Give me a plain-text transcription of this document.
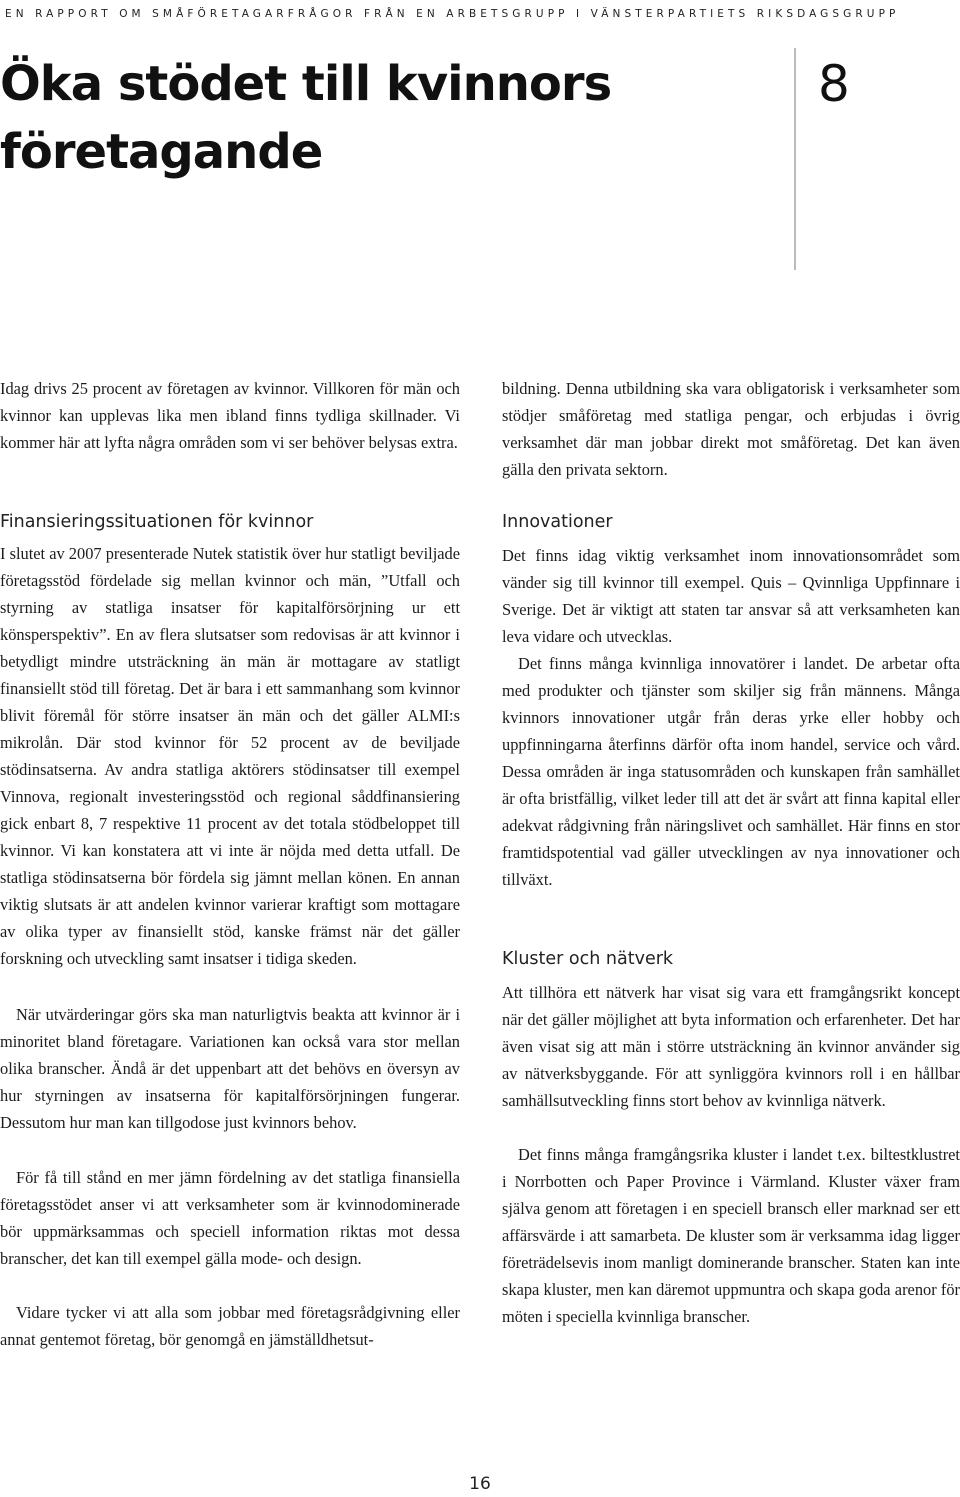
EN RAPPORT OM SMÅFÖRETAGARFRÅGOR FRÅN EN ARBETSGRUPP I VÄNSTERPARTIETS RIKSDAGSGRUPP
Öka stödet till kvinnors
företagande
8

Idag drivs 25 procent av företagen av kvinnor. Villkoren för män och kvinnor kan upplevas lika men ibland finns tydliga skillnader. Vi kommer här att lyfta några områden som vi ser behöver belysas extra.

Finansieringssituationen för kvinnor

I slutet av 2007 presenterade Nutek statistik över hur statligt beviljade företagsstöd fördelade sig mellan kvinnor och män, ”Utfall och styrning av statliga insatser för kapitalförsörjning ur ett könsperspektiv”. En av flera slutsatser som redovisas är att kvinnor i betydligt mindre utsträckning än män är mottagare av statligt finansiellt stöd till företag. Det är bara i ett sammanhang som kvinnor blivit föremål för större insatser än män och det gäller ALMI:s mikrolån. Där stod kvinnor för 52 procent av de beviljade stödinsatserna. Av andra statliga aktörers stödinsatser till exempel Vinnova, regionalt investeringsstöd och regional såddfinansiering gick enbart 8, 7 respektive 11 procent av det totala stödbeloppet till kvinnor. Vi kan konstatera att vi inte är nöjda med detta utfall. De statliga stödinsatserna bör fördela sig jämnt mellan könen. En annan viktig slutsats är att andelen kvinnor varierar kraftigt som mottagare av olika typer av finansiellt stöd, kanske främst när det gäller forskning och utveckling samt insatser i tidiga skeden.

När utvärderingar görs ska man naturligtvis beakta att kvinnor är i minoritet bland företagare. Variationen kan också vara stor mellan olika branscher. Ändå är det uppenbart att det behövs en översyn av hur styrningen av insatserna för kapitalförsörjningen fungerar. Dessutom hur man kan tillgodose just kvinnors behov.

För få till stånd en mer jämn fördelning av det statliga finansiella företagsstödet anser vi att verksamheter som är kvinnodominerade bör uppmärksammas och speciell information riktas mot dessa branscher, det kan till exempel gälla mode- och design.

Vidare tycker vi att alla som jobbar med företagsrådgivning eller annat gentemot företag, bör genomgå en jämställdhetsut-

bildning. Denna utbildning ska vara obligatorisk i verksamheter som stödjer småföretag med statliga pengar, och erbjudas i övrig verksamhet där man jobbar direkt mot småföretag. Det kan även gälla den privata sektorn.

Innovationer

Det finns idag viktig verksamhet inom innovationsområdet som vänder sig till kvinnor till exempel. Quis – Qvinnliga Uppfinnare i Sverige. Det är viktigt att staten tar ansvar så att verksamheten kan leva vidare och utvecklas.

Det finns många kvinnliga innovatörer i landet. De arbetar ofta med produkter och tjänster som skiljer sig från männens. Många kvinnors innovationer utgår från deras yrke eller hobby och uppfinningarna återfinns därför ofta inom handel, service och vård. Dessa områden är inga statusområden och kunskapen från samhället är ofta bristfällig, vilket leder till att det är svårt att finna kapital eller adekvat rådgivning från näringslivet och samhället. Här finns en stor framtidspotential vad gäller utvecklingen av nya innovationer och tillväxt.

Kluster och nätverk

Att tillhöra ett nätverk har visat sig vara ett framgångsrikt koncept när det gäller möjlighet att byta information och erfarenheter. Det har även visat sig att män i större utsträckning än kvinnor använder sig av nätverksbyggande. För att synliggöra kvinnors roll i en hållbar samhällsutveckling finns stort behov av kvinnliga nätverk.

Det finns många framgångsrika kluster i landet t.ex. biltestklustret i Norrbotten och Paper Province i Värmland. Kluster växer fram själva genom att företagen i en speciell bransch eller marknad ser ett affärsvärde i att samarbeta. De kluster som är verksamma idag ligger företrädelsevis inom manligt dominerande branscher. Staten kan inte skapa kluster, men kan däremot uppmuntra och skapa goda arenor för möten i speciella kvinnliga branscher.

16
